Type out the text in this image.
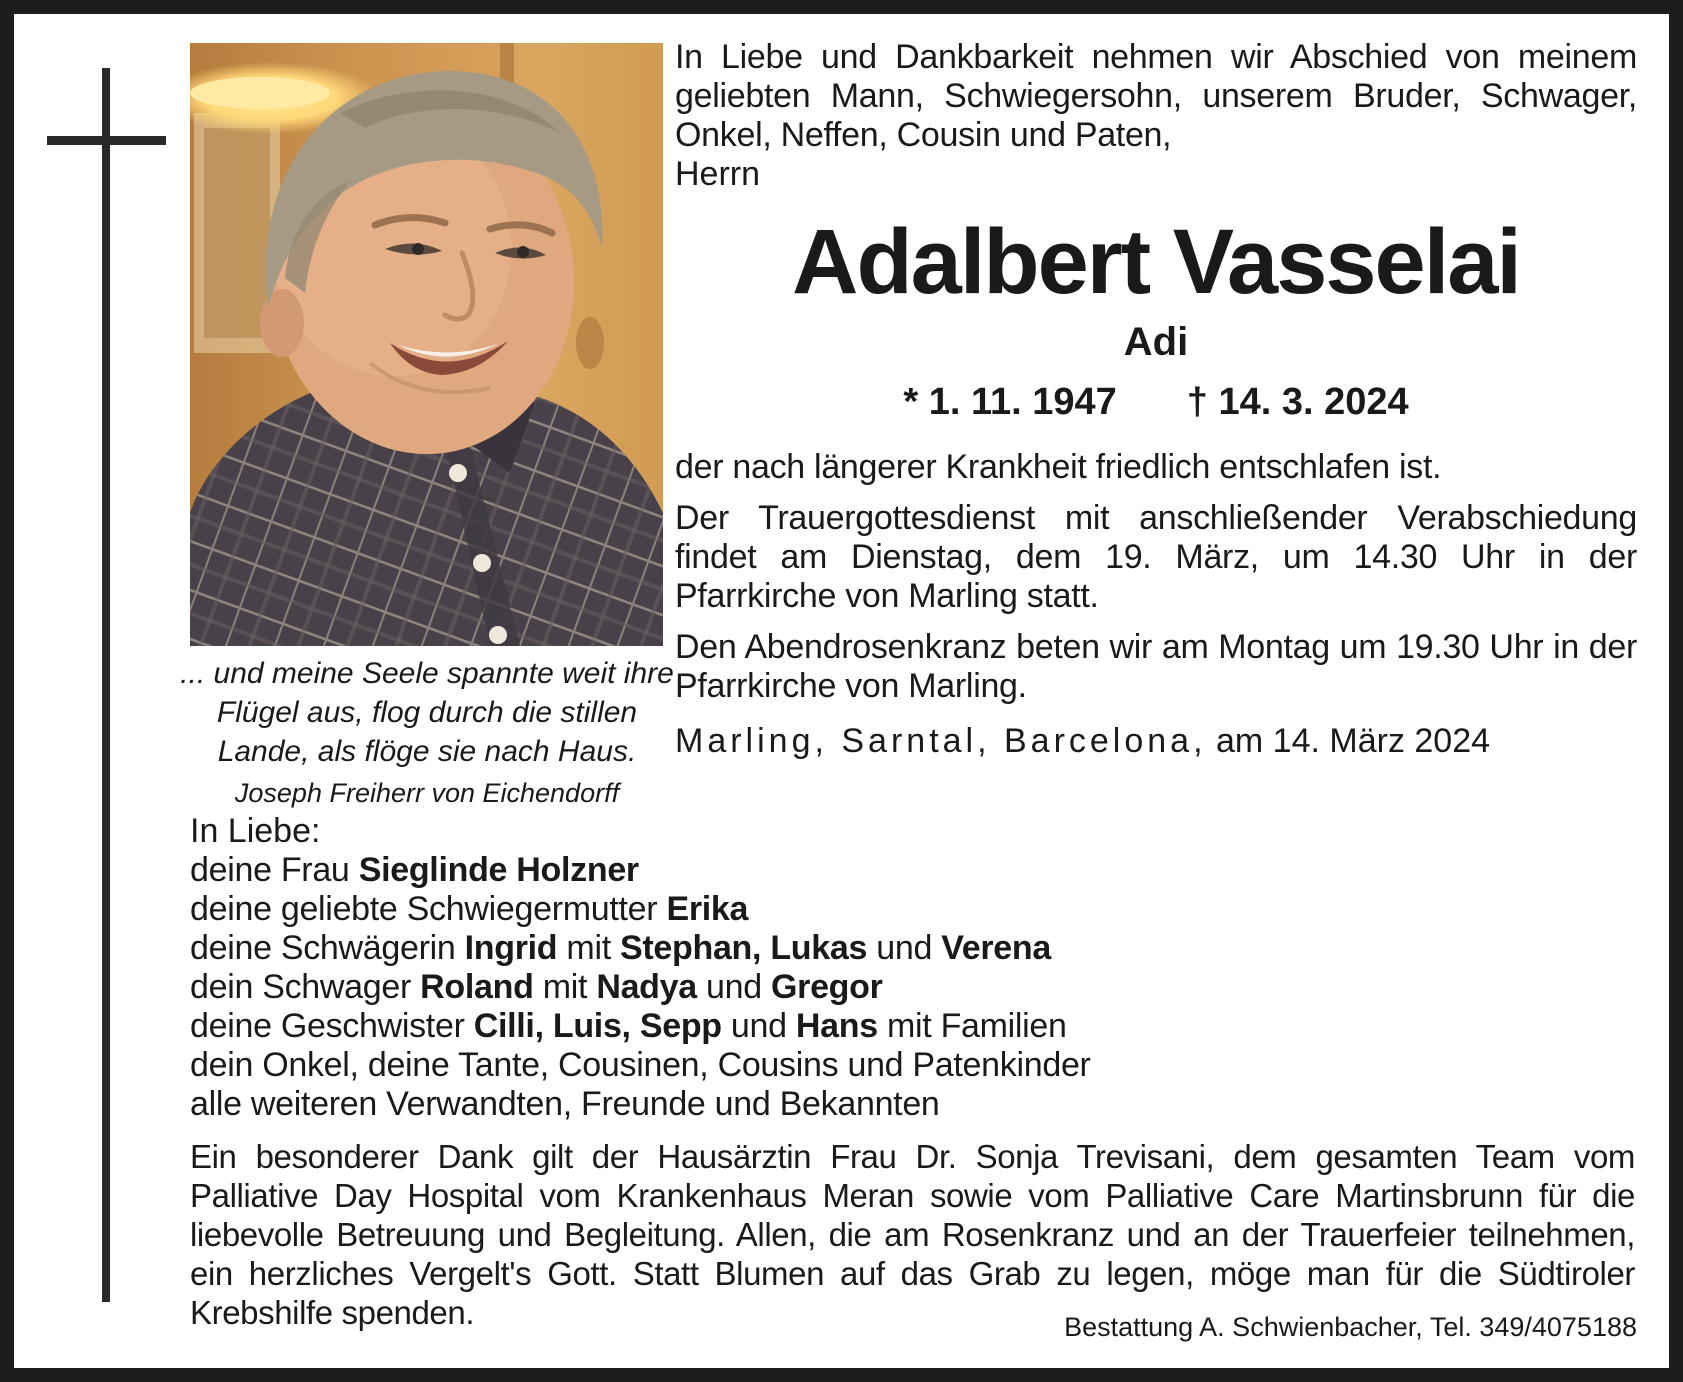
... und meine Seele spannte weit ihre
Flügel aus, flog durch die stillen
Lande, als flöge sie nach Haus.
Joseph Freiherr von Eichendorff
In Liebe und Dankbarkeit nehmen wir Abschied von meinem geliebten Mann, Schwiegersohn, unserem Bruder, Schwager, Onkel, Neffen, Cousin und Paten,
Herrn
Adalbert Vasselai
Adi
* 1. 11. 1947 † 14. 3. 2024
der nach längerer Krankheit friedlich entschlafen ist.
Der Trauergottesdienst mit anschließender Verabschiedung findet am Dienstag, dem 19. März, um 14.30 Uhr in der Pfarrkirche von Marling statt.
Den Abendrosenkranz beten wir am Montag um 19.30 Uhr in der Pfarrkirche von Marling.
Marling, Sarntal, Barcelona, am 14. März 2024
In Liebe:
deine Frau Sieglinde Holzner
deine geliebte Schwiegermutter Erika
deine Schwägerin Ingrid mit Stephan, Lukas und Verena
dein Schwager Roland mit Nadya und Gregor
deine Geschwister Cilli, Luis, Sepp und Hans mit Familien
dein Onkel, deine Tante, Cousinen, Cousins und Patenkinder
alle weiteren Verwandten, Freunde und Bekannten
Ein besonderer Dank gilt der Hausärztin Frau Dr. Sonja Trevisani, dem gesamten Team vom Palliative Day Hospital vom Krankenhaus Meran sowie vom Palliative Care Martinsbrunn für die liebevolle Betreuung und Begleitung. Allen, die am Rosenkranz und an der Trauerfeier teilnehmen, ein herzliches Vergelt's Gott. Statt Blumen auf das Grab zu legen, möge man für die Südtiroler Krebshilfe spenden.	Bestattung A. Schwienbacher, Tel. 349/4075188
